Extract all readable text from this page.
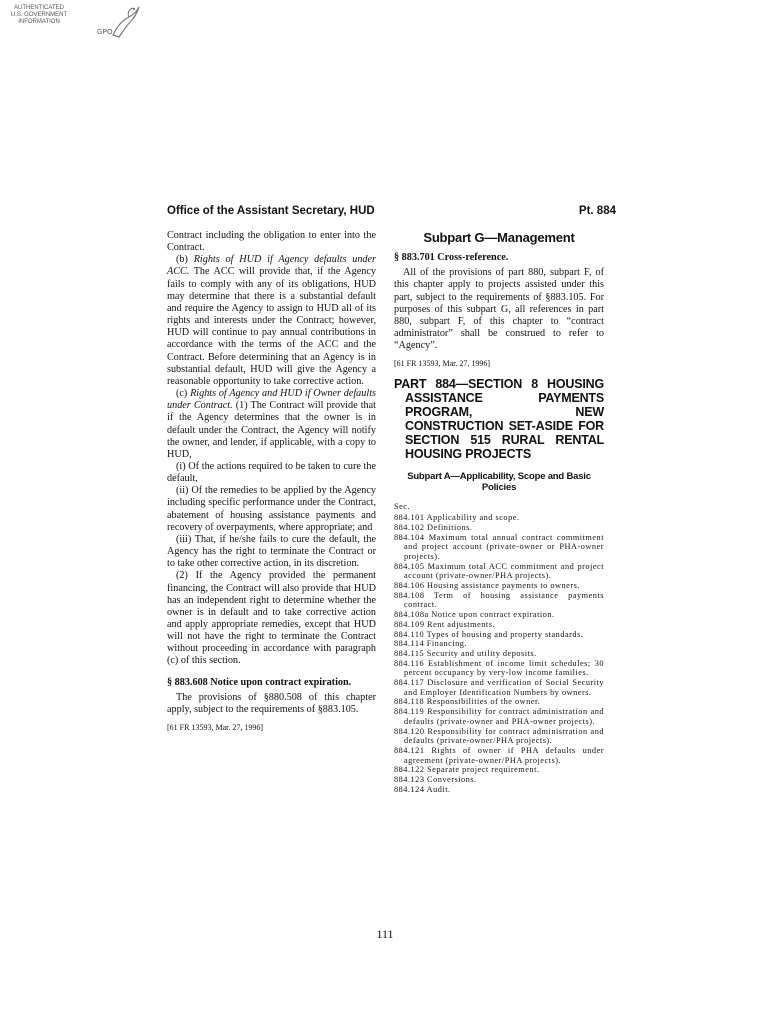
AUTHENTICATED
U.S. GOVERNMENT
INFORMATION
GPO
Office of the Assistant Secretary, HUD	Pt. 884

Contract including the obligation to enter into the Contract.

(b) Rights of HUD if Agency defaults under ACC. The ACC will provide that, if the Agency fails to comply with any of its obligations, HUD may determine that there is a substantial default and require the Agency to assign to HUD all of its rights and interests under the Contract; however, HUD will continue to pay annual contributions in accordance with the terms of the ACC and the Contract. Before determining that an Agency is in substantial default, HUD will give the Agency a reasonable opportunity to take corrective action.

(c) Rights of Agency and HUD if Owner defaults under Contract. (1) The Contract will provide that if the Agency determines that the owner is in default under the Contract, the Agency will notify the owner, and lender, if applicable, with a copy to HUD,

(i) Of the actions required to be taken to cure the default,

(ii) Of the remedies to be applied by the Agency including specific performance under the Contract, abatement of housing assistance payments and recovery of overpayments, where appropriate; and

(iii) That, if he/she fails to cure the default, the Agency has the right to terminate the Contract or to take other corrective action, in its discretion.

(2) If the Agency provided the permanent financing, the Contract will also provide that HUD has an independent right to determine whether the owner is in default and to take corrective action and apply appropriate remedies, except that HUD will not have the right to terminate the Contract without proceeding in accordance with paragraph (c) of this section.

§ 883.608 Notice upon contract expiration.

The provisions of §880.508 of this chapter apply, subject to the requirements of §883.105.

[61 FR 13593, Mar. 27, 1996]

Subpart G—Management
§ 883.701 Cross-reference.

All of the provisions of part 880, subpart F, of this chapter apply to projects assisted under this part, subject to the requirements of §883.105. For purposes of this subpart G, all references in part 880, subpart F, of this chapter to “contract administrator” shall be construed to refer to “Agency”.

[61 FR 13593, Mar. 27, 1996]

PART 884—SECTION 8 HOUSING ASSISTANCE PAYMENTS PROGRAM, NEW CONSTRUCTION SET-ASIDE FOR SECTION 515 RURAL RENTAL HOUSING PROJECTS
Subpart A—Applicability, Scope and Basic Policies
Sec.
884.101 Applicability and scope.
884.102 Definitions.
884.104 Maximum total annual contract commitment and project account (private-owner or PHA-owner projects).
884.105 Maximum total ACC commitment and project account (private-owner/PHA projects).
884.106 Housing assistance payments to owners.
884.108 Term of housing assistance payments contract.
884.108a Notice upon contract expiration.
884.109 Rent adjustments.
884.110 Types of housing and property standards.
884.114 Financing.
884.115 Security and utility deposits.
884.116 Establishment of income limit schedules; 30 percent occupancy by very-low income families.
884.117 Disclosure and verification of Social Security and Employer Identification Numbers by owners.
884.118 Responsibilities of the owner.
884.119 Responsibility for contract administration and defaults (private-owner and PHA-owner projects).
884.120 Responsibility for contract administration and defaults (private-owner/PHA projects).
884.121 Rights of owner if PHA defaults under agreement (private-owner/PHA projects).
884.122 Separate project requirement.
884.123 Conversions.
884.124 Audit.
111
